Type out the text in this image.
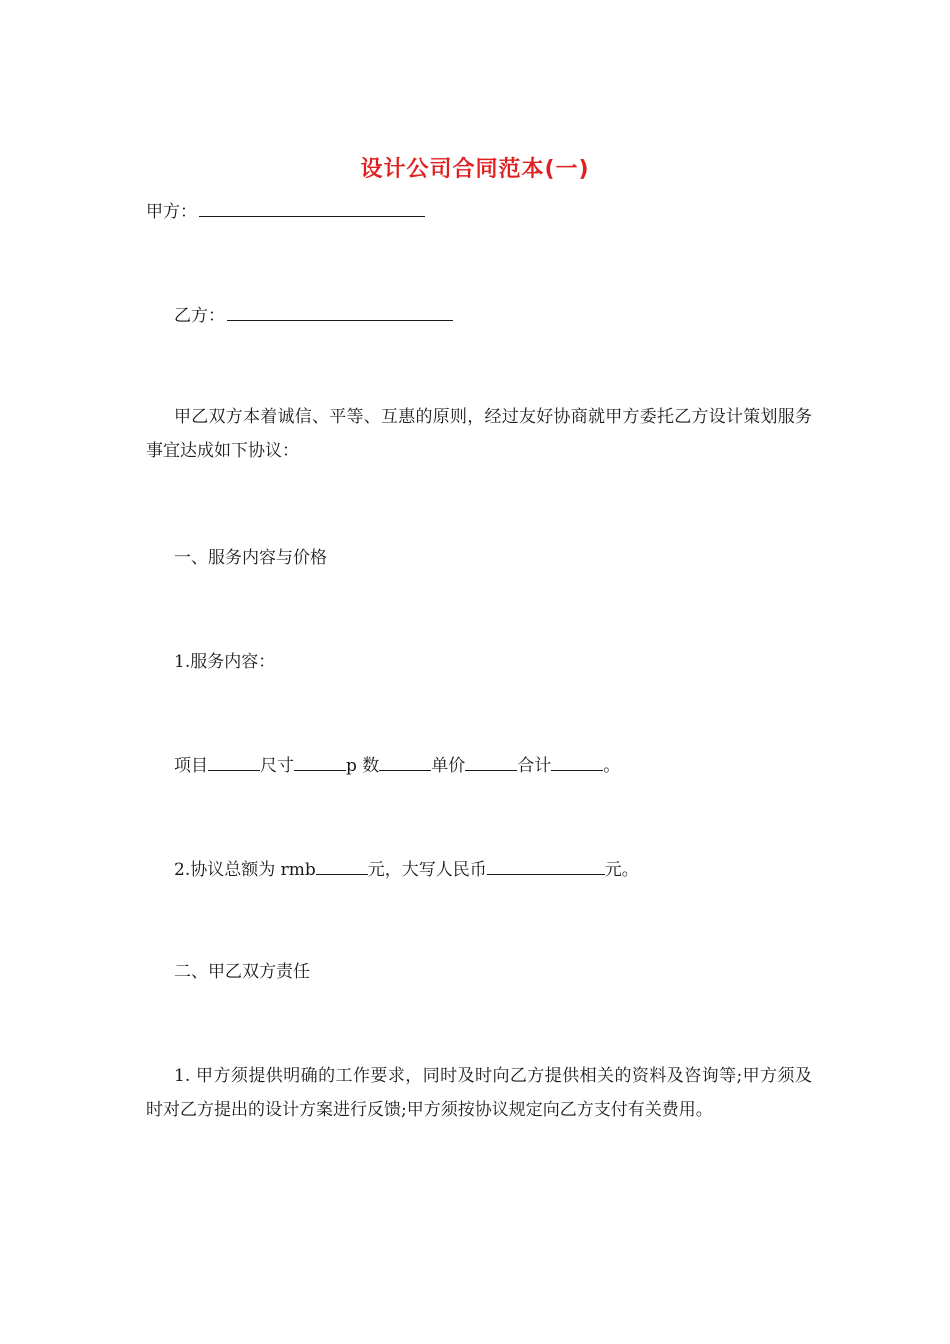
设计公司合同范本(一)
甲方：
乙方：
甲乙双方本着诚信、平等、互惠的原则，经过友好协商就甲方委托乙方设计策划服务事宜达成如下协议：
一、服务内容与价格
1.服务内容：
项目	尺寸	p 数	单价	合计	。
2.协议总额为 rmb	元，大写人民币	元。
二、甲乙双方责任
1. 甲方须提供明确的工作要求，同时及时向乙方提供相关的资料及咨询等;甲方须及时对乙方提出的设计方案进行反馈;甲方须按协议规定向乙方支付有关费用。
